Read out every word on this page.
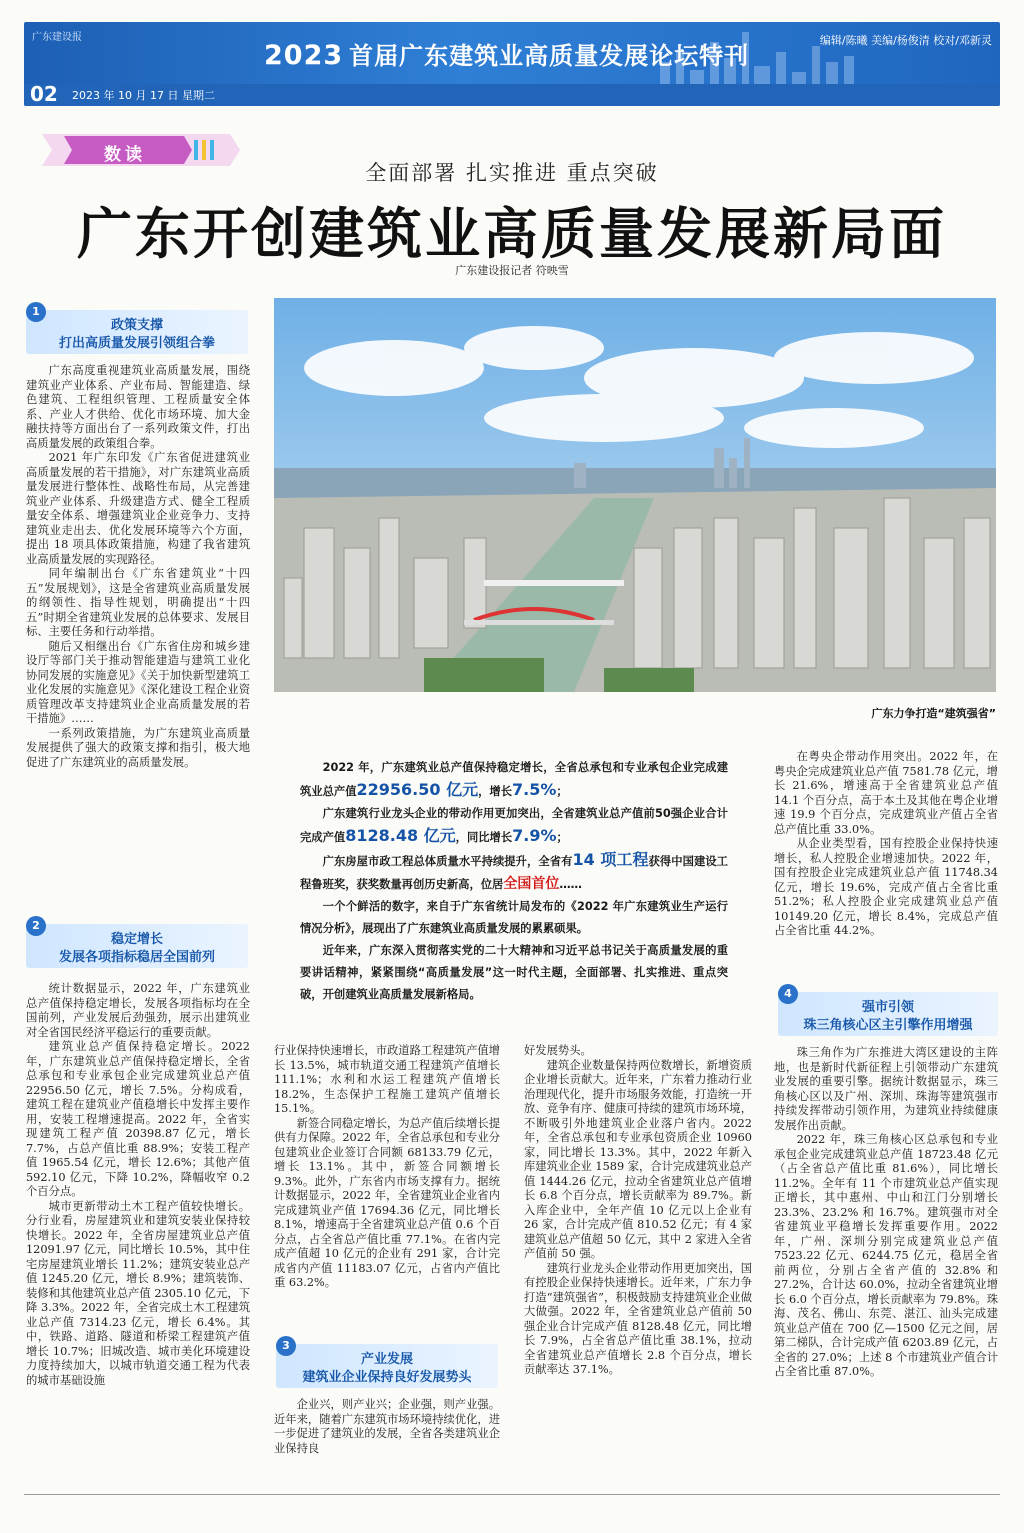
广东建设报
2023 首届广东建筑业高质量发展论坛特刊
编辑/陈曦 美编/杨俊清 校对/邓新灵
02 2023 年 10 月 17 日 星期二
数读
全面部署 扎实推进 重点突破
广东开创建筑业高质量发展新局面
广东建设报记者 符映雪
广东力争打造“建筑强省”

2022 年，广东建筑业总产值保持稳定增长，全省总承包和专业承包企业完成建筑业总产值22956.50 亿元，增长7.5%；

广东建筑行业龙头企业的带动作用更加突出，全省建筑业总产值前50强企业合计完成产值8128.48 亿元，同比增长7.9%；

广东房屋市政工程总体质量水平持续提升，全省有14 项工程获得中国建设工程鲁班奖，获奖数量再创历史新高，位居全国首位……

一个个鲜活的数字，来自于广东省统计局发布的《2022 年广东建筑业生产运行情况分析》，展现出了广东建筑业高质量发展的累累硕果。

近年来，广东深入贯彻落实党的二十大精神和习近平总书记关于高质量发展的重要讲话精神，紧紧围绕“高质量发展”这一时代主题，全面部署、扎实推进、重点突破，开创建筑业高质量发展新格局。

1
政策支撑
打出高质量发展引领组合拳
2
稳定增长
发展各项指标稳居全国前列
3
产业发展
建筑业企业保持良好发展势头
4
强市引领
珠三角核心区主引擎作用增强

广东高度重视建筑业高质量发展，围绕建筑业产业体系、产业布局、智能建造、绿色建筑、工程组织管理、工程质量安全体系、产业人才供给、优化市场环境、加大金融扶持等方面出台了一系列政策文件，打出高质量发展的政策组合拳。

2021 年广东印发《广东省促进建筑业高质量发展的若干措施》，对广东建筑业高质量发展进行整体性、战略性布局，从完善建筑业产业体系、升级建造方式、健全工程质量安全体系、增强建筑业企业竞争力、支持建筑业走出去、优化发展环境等六个方面，提出 18 项具体政策措施，构建了我省建筑业高质量发展的实现路径。

同年编制出台《广东省建筑业“十四五”发展规划》，这是全省建筑业高质量发展的纲领性、指导性规划，明确提出“十四五”时期全省建筑业发展的总体要求、发展目标、主要任务和行动举措。

随后又相继出台《广东省住房和城乡建设厅等部门关于推动智能建造与建筑工业化协同发展的实施意见》《关于加快新型建筑工业化发展的实施意见》《深化建设工程企业资质管理改革支持建筑业企业高质量发展的若干措施》……

一系列政策措施，为广东建筑业高质量发展提供了强大的政策支撑和指引，极大地促进了广东建筑业的高质量发展。

统计数据显示，2022 年，广东建筑业总产值保持稳定增长，发展各项指标均在全国前列，产业发展后劲强劲，展示出建筑业对全省国民经济平稳运行的重要贡献。

建筑业总产值保持稳定增长。2022 年，广东建筑业总产值保持稳定增长，全省总承包和专业承包企业完成建筑业总产值 22956.50 亿元，增长 7.5%。分构成看，建筑工程在建筑业产值稳增长中发挥主要作用，安装工程增速提高。2022 年，全省实现建筑工程产值 20398.87 亿元，增长 7.7%，占总产值比重 88.9%；安装工程产值 1965.54 亿元，增长 12.6%；其他产值 592.10 亿元，下降 10.2%，降幅收窄 0.2 个百分点。

城市更新带动土木工程产值较快增长。分行业看，房屋建筑业和建筑安装业保持较快增长。2022 年，全省房屋建筑业总产值 12091.97 亿元，同比增长 10.5%，其中住宅房屋建筑业增长 11.2%；建筑安装业总产值 1245.20 亿元，增长 8.9%；建筑装饰、装修和其他建筑业总产值 2305.10 亿元，下降 3.3%。2022 年，全省完成土木工程建筑业总产值 7314.23 亿元，增长 6.4%。其中，铁路、道路、隧道和桥梁工程建筑产值增长 10.7%；旧城改造、城市美化环境建设力度持续加大，以城市轨道交通工程为代表的城市基础设施

行业保持快速增长，市政道路工程建筑产值增长 13.5%，城市轨道交通工程建筑产值增长 111.1%；水利和水运工程建筑产值增长 18.2%，生态保护工程施工建筑产值增长 15.1%。

新签合同稳定增长，为总产值后续增长提供有力保障。2022 年，全省总承包和专业分包建筑业企业签订合同额 68133.79 亿元，增长 13.1%。其中，新签合同额增长 9.3%。此外，广东省内市场支撑有力。据统计数据显示，2022 年，全省建筑业企业省内完成建筑业产值 17694.36 亿元，同比增长 8.1%，增速高于全省建筑业总产值 0.6 个百分点，占全省总产值比重 77.1%。在省内完成产值超 10 亿元的企业有 291 家，合计完成省内产值 11183.07 亿元，占省内产值比重 63.2%。

企业兴，则产业兴；企业强，则产业强。近年来，随着广东建筑市场环境持续优化，进一步促进了建筑业的发展，全省各类建筑业企业保持良

好发展势头。

建筑企业数量保持两位数增长，新增资质企业增长贡献大。近年来，广东着力推动行业治理现代化，提升市场服务效能，打造统一开放、竞争有序、健康可持续的建筑市场环境，不断吸引外地建筑业企业落户省内。2022 年，全省总承包和专业承包资质企业 10960 家，同比增长 13.3%。其中，2022 年新入库建筑业企业 1589 家，合计完成建筑业总产值 1444.26 亿元，拉动全省建筑业总产值增长 6.8 个百分点，增长贡献率为 89.7%。新入库企业中，全年产值 10 亿元以上企业有 26 家，合计完成产值 810.52 亿元；有 4 家建筑业总产值超 50 亿元，其中 2 家进入全省产值前 50 强。

建筑行业龙头企业带动作用更加突出，国有控股企业保持快速增长。近年来，广东力争打造“建筑强省”，积极鼓励支持建筑业企业做大做强。2022 年，全省建筑业总产值前 50 强企业合计完成产值 8128.48 亿元，同比增长 7.9%，占全省总产值比重 38.1%，拉动全省建筑业总产值增长 2.8 个百分点，增长贡献率达 37.1%。

在粤央企带动作用突出。2022 年，在粤央企完成建筑业总产值 7581.78 亿元，增长 21.6%，增速高于全省建筑业总产值 14.1 个百分点，高于本土及其他在粤企业增速 19.9 个百分点，完成建筑业产值占全省总产值比重 33.0%。

从企业类型看，国有控股企业保持快速增长，私人控股企业增速加快。2022 年，国有控股企业完成建筑业总产值 11748.34 亿元，增长 19.6%，完成产值占全省比重 51.2%；私人控股企业完成建筑业总产值 10149.20 亿元，增长 8.4%，完成总产值占全省比重 44.2%。

珠三角作为广东推进大湾区建设的主阵地，也是新时代新征程上引领带动广东建筑业发展的重要引擎。据统计数据显示，珠三角核心区以及广州、深圳、珠海等建筑强市持续发挥带动引领作用，为建筑业持续健康发展作出贡献。

2022 年，珠三角核心区总承包和专业承包企业完成建筑业总产值 18723.48 亿元（占全省总产值比重 81.6%），同比增长 11.2%。全年有 11 个市建筑业总产值实现正增长，其中惠州、中山和江门分别增长 23.3%、23.2% 和 16.7%。建筑强市对全省建筑业平稳增长发挥重要作用。2022 年，广州、深圳分别完成建筑业总产值 7523.22 亿元、6244.75 亿元，稳居全省前两位，分别占全省产值的 32.8% 和 27.2%，合计达 60.0%，拉动全省建筑业增长 6.0 个百分点，增长贡献率为 79.8%。珠海、茂名、佛山、东莞、湛江、汕头完成建筑业总产值在 700 亿—1500 亿元之间，居第二梯队，合计完成产值 6203.89 亿元，占全省的 27.0%；上述 8 个市建筑业产值合计占全省比重 87.0%。
